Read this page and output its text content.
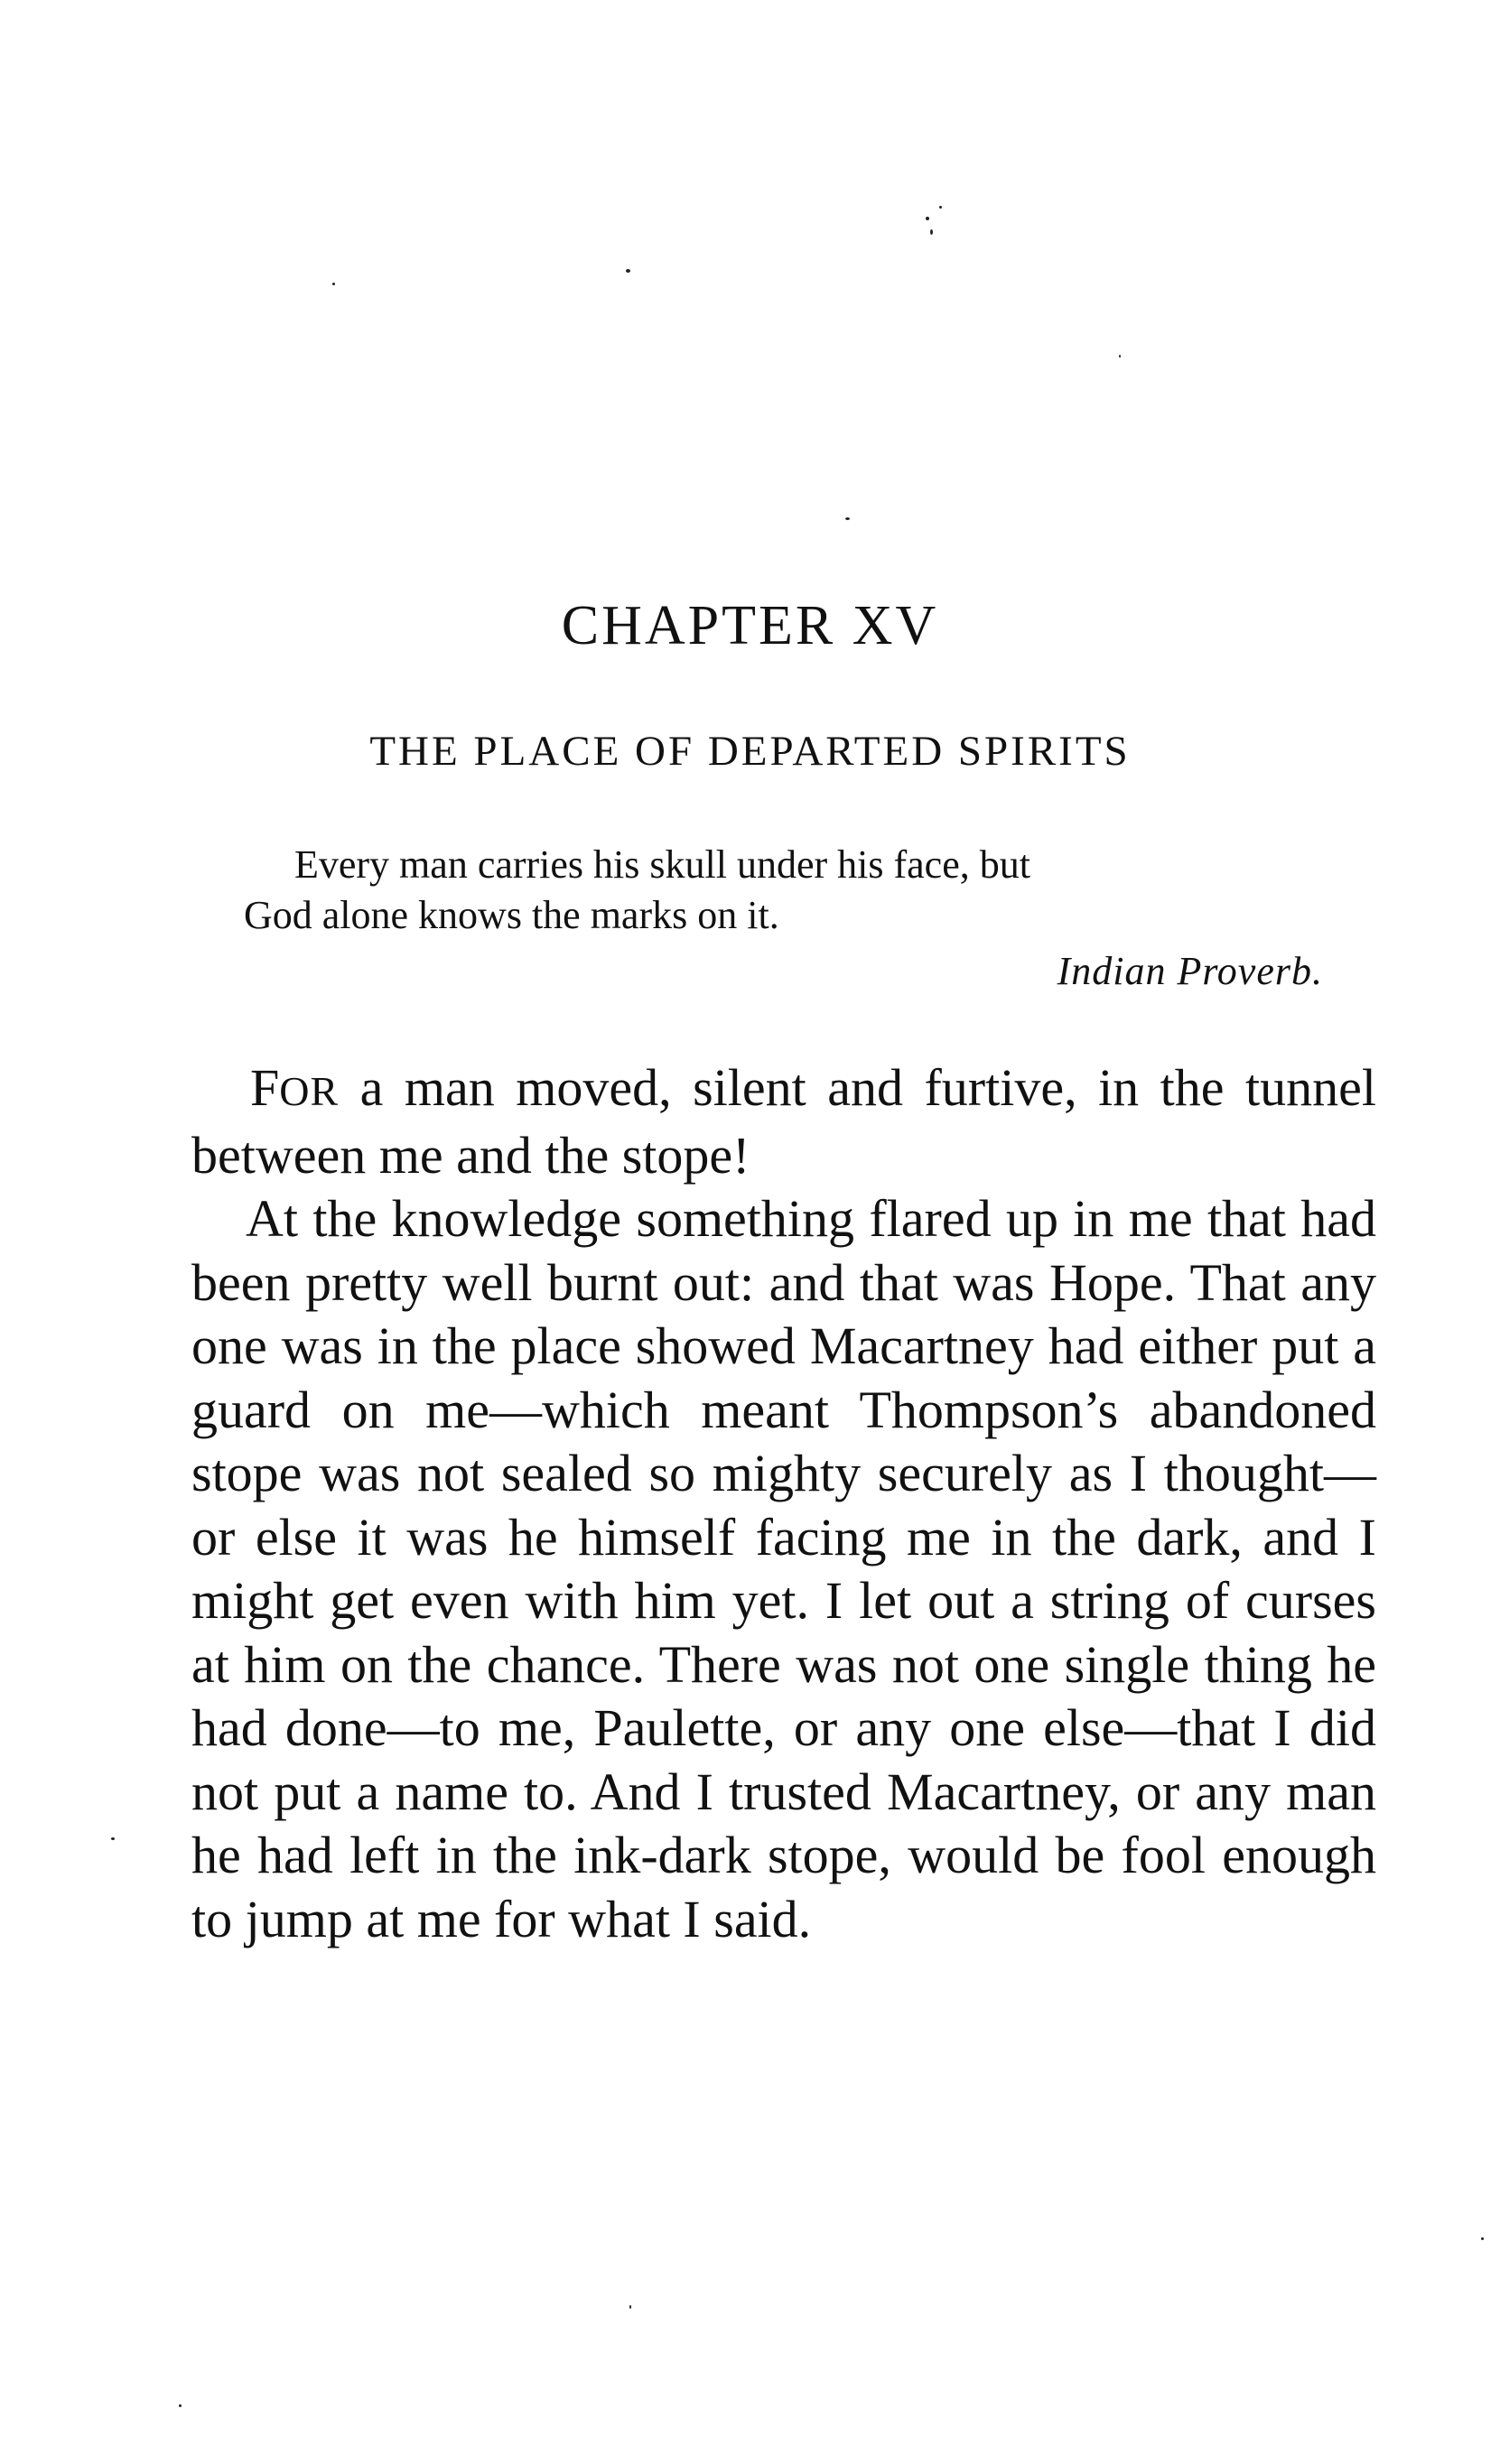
CHAPTER XV
THE PLACE OF DEPARTED SPIRITS
Every man carries his skull under his face, but
God alone knows the marks on it.
Indian Proverb.

FOR a man moved, silent and furtive, in the tunnel between me and the stope!

At the knowledge something flared up in me that had been pretty well burnt out: and that was Hope. That any one was in the place showed Macartney had either put a guard on me—which meant Thompson’s abandoned stope was not sealed so mighty securely as I thought—or else it was he himself facing me in the dark, and I might get even with him yet. I let out a string of curses at him on the chance. There was not one single thing he had done—to me, Paulette, or any one else—that I did not put a name to. And I trusted Macartney, or any man he had left in the ink-dark stope, would be fool enough to jump at me for what I said.
